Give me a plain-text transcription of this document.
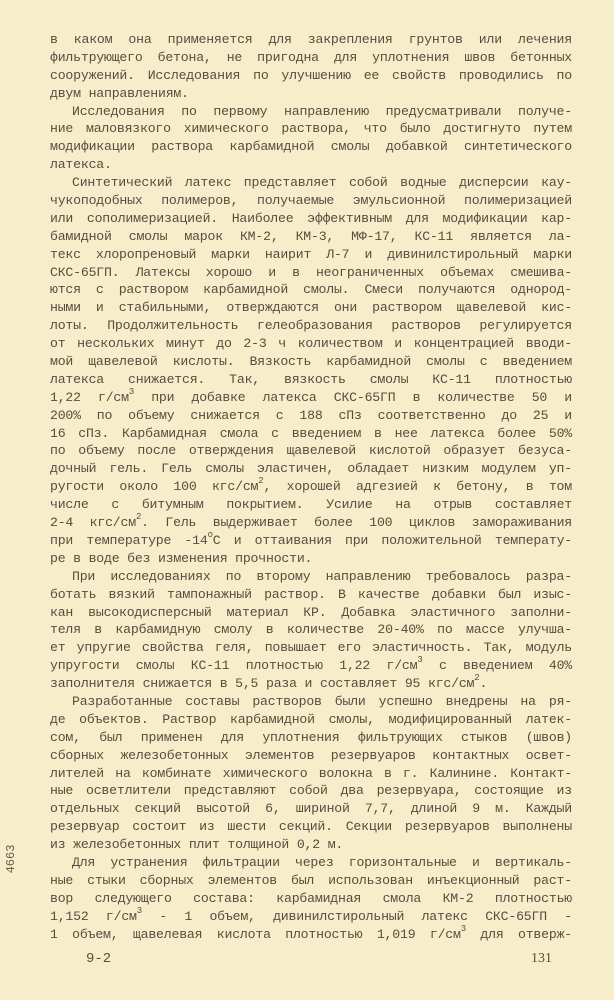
в каком она применяется для закрепления грунтов или лечения
фильтрующего бетона, не пригодна для уплотнения швов бетонных
сооружений. Исследования по улучшению ее свойств проводились по
двум направлениям.
Исследования по первому направлению предусматривали получе-
ние маловязкого химического раствора, что было достигнуто путем
модификации раствора карбамидной смолы добавкой синтетического
латекса.
Синтетический латекс представляет собой водные дисперсии кау-
чукоподобных полимеров, получаемые эмульсионной полимеризацией
или сополимеризацией. Наиболее эффективным для модификации кар-
бамидной смолы марок КМ-2, КМ-3, МФ-17, КС-11 является ла-
текс хлоропреновый марки наирит Л-7 и дивинилстирольный марки
СКС-65ГП. Латексы хорошо и в неограниченных объемах смешива-
ются с раствором карбамидной смолы. Смеси получаются однород-
ными и стабильными, отверждаются они раствором щавелевой кис-
лоты. Продолжительность гелеобразования растворов регулируется
от нескольких минут до 2-3 ч количеством и концентрацией вводи-
мой щавелевой кислоты. Вязкость карбамидной смолы с введением
латекса снижается. Так, вязкость смолы КС-11 плотностью
1,22 $г/см^3$ при добавке латекса СКС-65ГП в количестве 50 и
200% по объему снижается с 188 сПз соответственно до 25 и
16 сПз. Карбамидная смола с введением в нее латекса более 50%
по объему после отверждения щавелевой кислотой образует безуса-
дочный гель. Гель смолы эластичен, обладает низким модулем уп-
ругости около 100 кгс/$см^2$, хорошей адгезией к бетону, в том
числе с битумным покрытием. Усилие на отрыв составляет
2-4 кгс/$см^2$. Гель выдерживает более 100 циклов замораживания
при температуре $-14^оС$ и оттаивания при положительной температу-
ре в воде без изменения прочности.
При исследованиях по второму направлению требовалось разра-
ботать вязкий тампонажный раствор. В качестве добавки был изыс-
кан высокодисперсный материал КР. Добавка эластичного заполни-
теля в карбамидную смолу в количестве 20-40% по массе улучша-
ет упругие свойства геля, повышает его эластичность. Так, модуль
упругости смолы КС-11 плотностью 1,22 $г/см^3$ с введением 40%
заполнителя снижается в 5,5 раза и составляет 95 кгс/$см^2$.
Разработанные составы растворов были успешно внедрены на ря-
де объектов. Раствор карбамидной смолы, модифицированный латек-
сом, был применен для уплотнения фильтрующих стыков (швов)
сборных железобетонных элементов резервуаров контактных освет-
лителей на комбинате химического волокна в г. Калинине. Контакт-
ные осветлители представляют собой два резервуара, состоящие из
отдельных секций высотой 6, шириной 7,7, длиной 9 м. Каждый
резервуар состоит из шести секций. Секции резервуаров выполнены
из железобетонных плит толщиной 0,2 м.
Для устранения фильтрации через горизонтальные и вертикаль-
ные стыки сборных элементов был использован инъекционный раст-
вор следующего состава: карбамидная смола КМ-2 плотностью
1,152 $г/см^3 - 1$ объем, дивинилстирольный латекс СКС-65ГП -
1 объем, щавелевая кислота плотностью 1,019 $г/см^3$ для отверж-
9-2	131
4663
